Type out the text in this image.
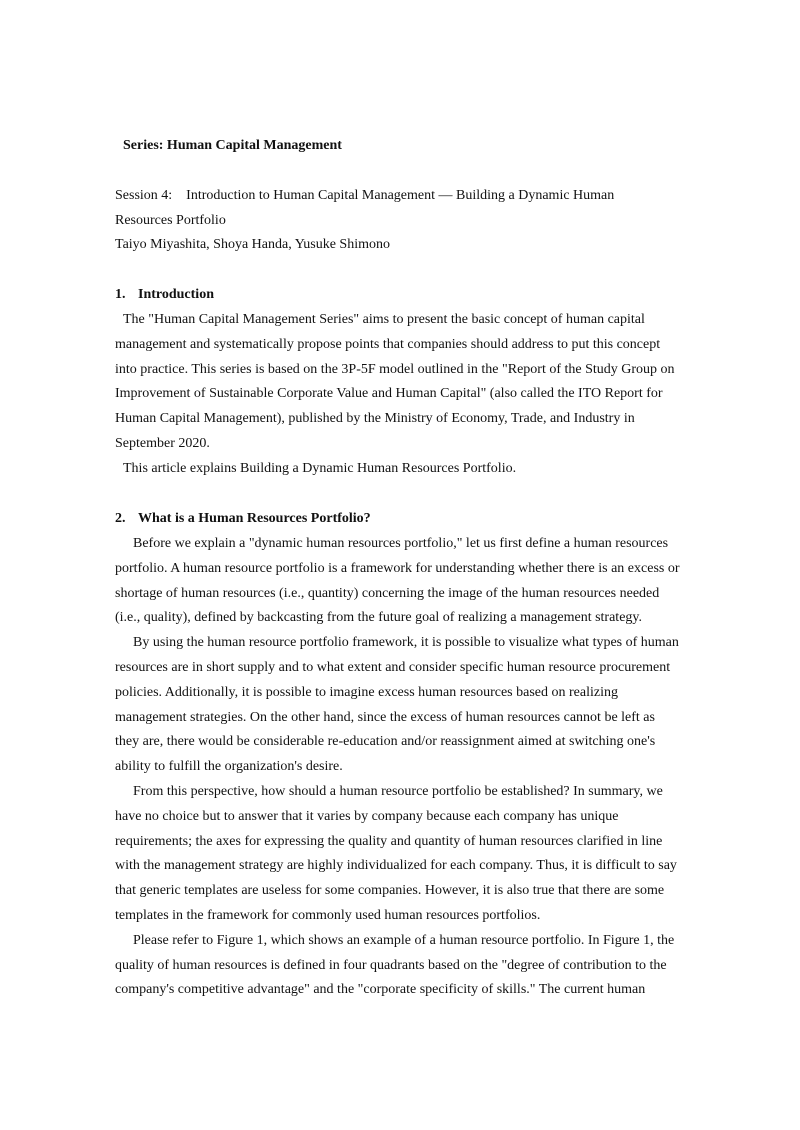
Series: Human Capital Management
Session 4:　Introduction to Human Capital Management — Building a Dynamic Human
Resources Portfolio
Taiyo Miyashita, Shoya Handa, Yusuke Shimono
1. Introduction
The "Human Capital Management Series" aims to present the basic concept of human capital
management and systematically propose points that companies should address to put this concept
into practice. This series is based on the 3P-5F model outlined in the "Report of the Study Group on
Improvement of Sustainable Corporate Value and Human Capital" (also called the ITO Report for
Human Capital Management), published by the Ministry of Economy, Trade, and Industry in
September 2020.
This article explains Building a Dynamic Human Resources Portfolio.
2. What is a Human Resources Portfolio?
Before we explain a "dynamic human resources portfolio," let us first define a human resources
portfolio. A human resource portfolio is a framework for understanding whether there is an excess or
shortage of human resources (i.e., quantity) concerning the image of the human resources needed
(i.e., quality), defined by backcasting from the future goal of realizing a management strategy.
By using the human resource portfolio framework, it is possible to visualize what types of human
resources are in short supply and to what extent and consider specific human resource procurement
policies. Additionally, it is possible to imagine excess human resources based on realizing
management strategies. On the other hand, since the excess of human resources cannot be left as
they are, there would be considerable re-education and/or reassignment aimed at switching one's
ability to fulfill the organization's desire.
From this perspective, how should a human resource portfolio be established? In summary, we
have no choice but to answer that it varies by company because each company has unique
requirements; the axes for expressing the quality and quantity of human resources clarified in line
with the management strategy are highly individualized for each company. Thus, it is difficult to say
that generic templates are useless for some companies. However, it is also true that there are some
templates in the framework for commonly used human resources portfolios.
Please refer to Figure 1, which shows an example of a human resource portfolio. In Figure 1, the
quality of human resources is defined in four quadrants based on the "degree of contribution to the
company's competitive advantage" and the "corporate specificity of skills." The current human
